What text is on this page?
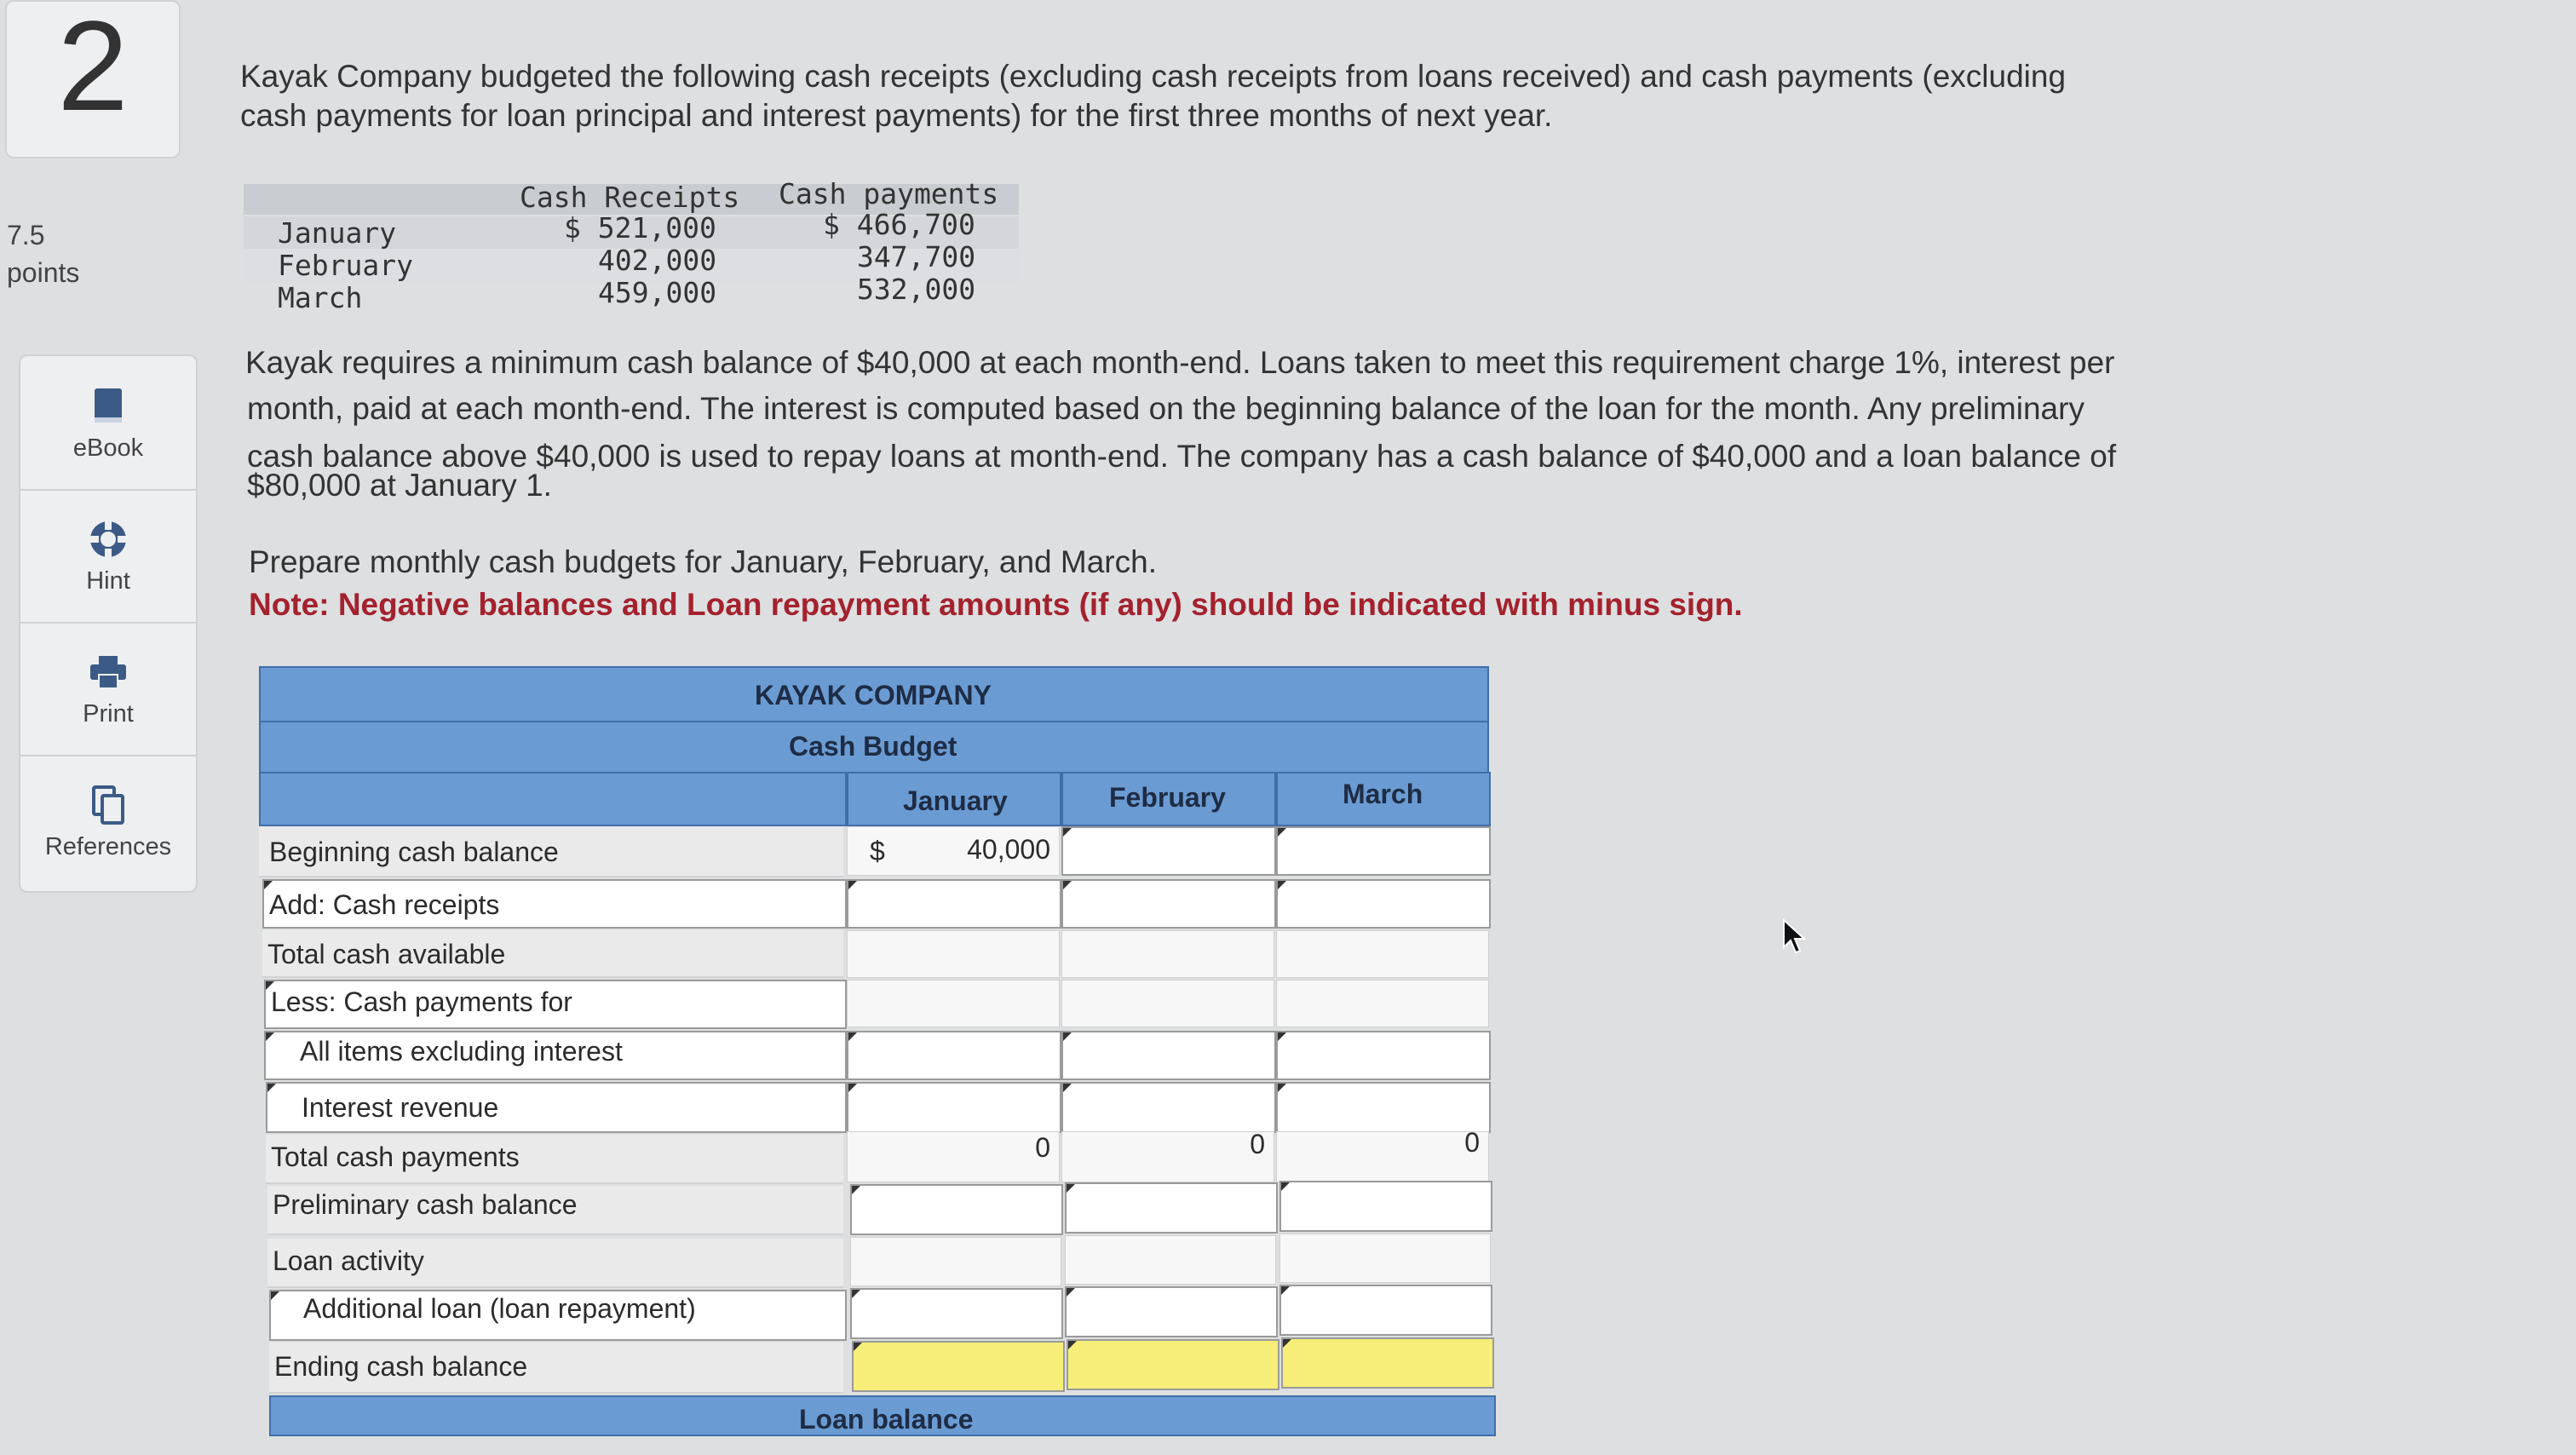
2
7.5
points
eBook
Hint
Print
References
Kayak Company budgeted the following cash receipts (excluding cash receipts from loans received) and cash payments (excluding
cash payments for loan principal and interest payments) for the first three months of next year.
Cash Receipts Cash payments
January	$ 521,000	$ 466,700
February	402,000	347,700
March	459,000	532,000
Kayak requires a minimum cash balance of $40,000 at each month-end. Loans taken to meet this requirement charge 1%, interest per
month, paid at each month-end. The interest is computed based on the beginning balance of the loan for the month. Any preliminary
cash balance above $40,000 is used to repay loans at month-end. The company has a cash balance of $40,000 and a loan balance of
$80,000 at January 1.
Prepare monthly cash budgets for January, February, and March.
Note: Negative balances and Loan repayment amounts (if any) should be indicated with minus sign.
KAYAK COMPANY
Cash Budget
January	February	March
Beginning cash balance	$	40,000
Add: Cash receipts
Total cash available
Less: Cash payments for
All items excluding interest
Interest revenue
Total cash payments	0	0	0
Preliminary cash balance
Loan activity
Additional loan (loan repayment)
Ending cash balance
Loan balance
